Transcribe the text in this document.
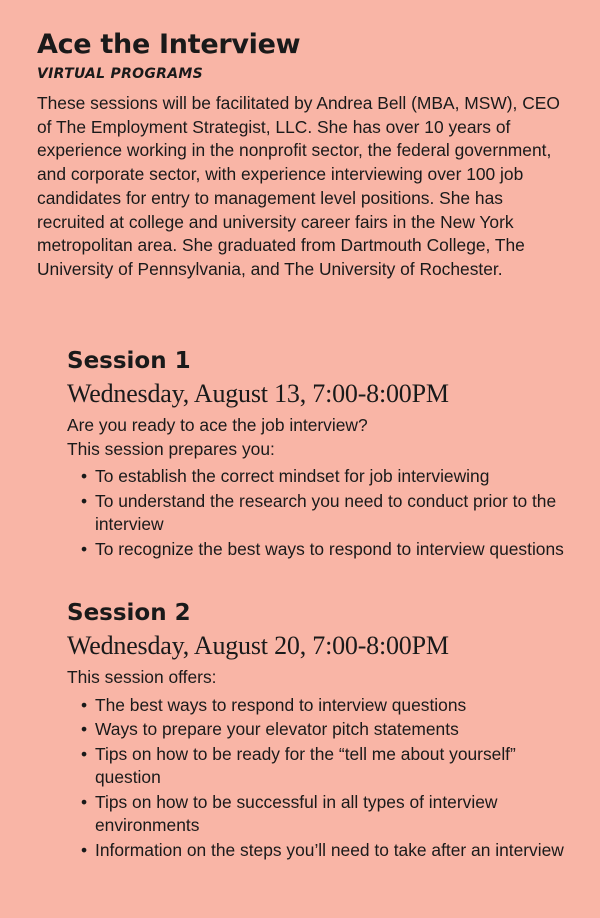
Ace the Interview
VIRTUAL PROGRAMS

These sessions will be facilitated by Andrea Bell (MBA, MSW), CEO of The Employment Strategist, LLC. She has over 10 years of experience working in the nonprofit sector, the federal government, and corporate sector, with experience interviewing over 100 job candidates for entry to management level positions. She has recruited at college and university career fairs in the New York metropolitan area. She graduated from Dartmouth College, The University of Pennsylvania, and The University of Rochester.

Session 1
Wednesday, August 13, 7:00-8:00PM

Are you ready to ace the job interview?

This session prepares you:

• To establish the correct mindset for job interviewing
• To understand the research you need to conduct prior to the interview
• To recognize the best ways to respond to interview questions
Session 2
Wednesday, August 20, 7:00-8:00PM

This session offers:

• The best ways to respond to interview questions
• Ways to prepare your elevator pitch statements
• Tips on how to be ready for the “tell me about yourself” question
• Tips on how to be successful in all types of interview environments
• Information on the steps you’ll need to take after an interview
